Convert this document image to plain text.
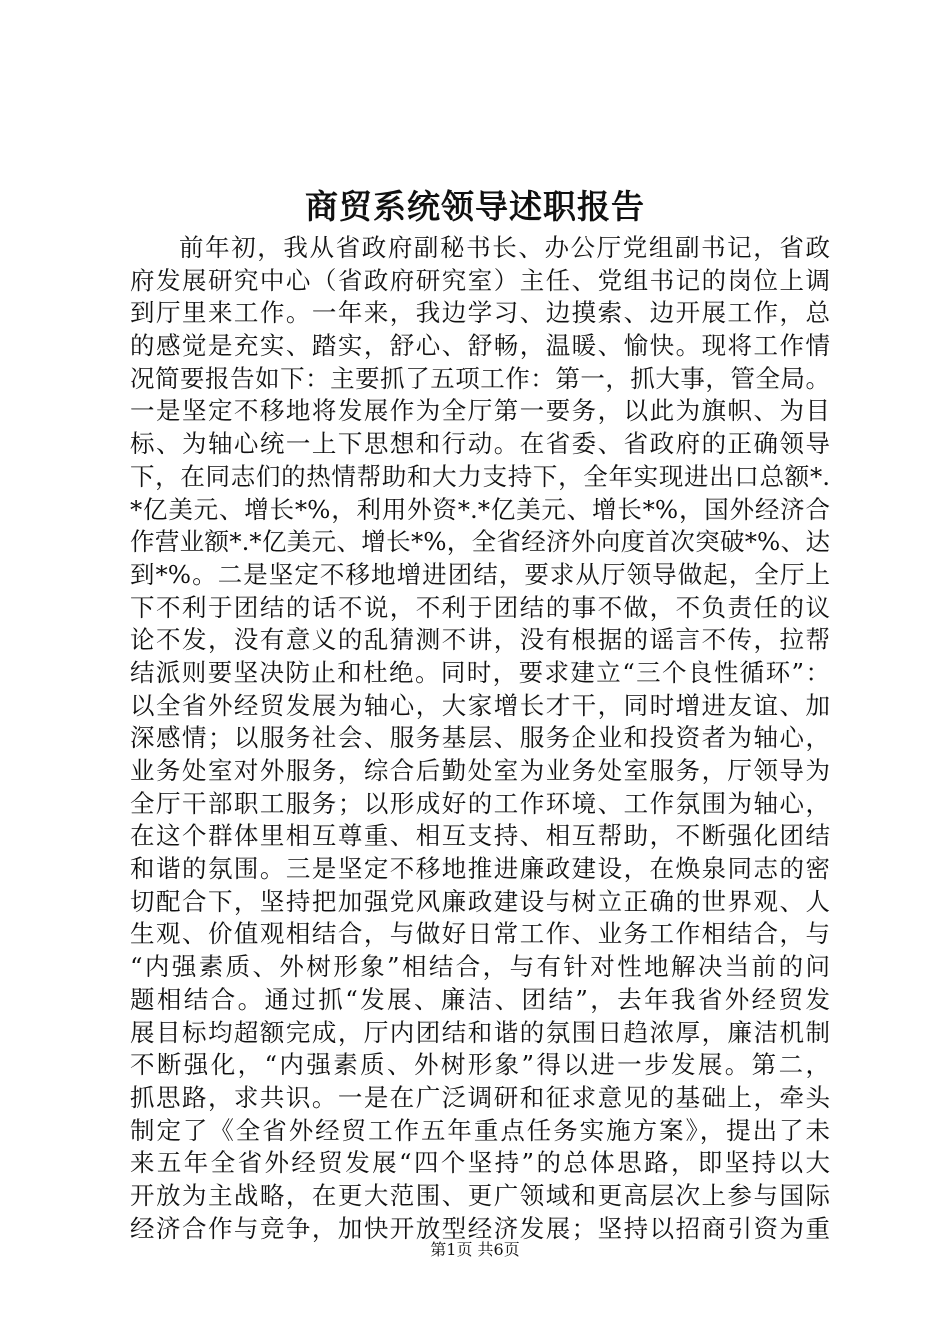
商贸系统领导述职报告
前年初，我从省政府副秘书长、办公厅党组副书记，省政
府发展研究中心（省政府研究室）主任、党组书记的岗位上调
到厅里来工作。一年来，我边学习、边摸索、边开展工作，总
的感觉是充实、踏实，舒心、舒畅，温暖、愉快。现将工作情
况简要报告如下：主要抓了五项工作：第一，抓大事，管全局。
一是坚定不移地将发展作为全厅第一要务，以此为旗帜、为目
标、为轴心统一上下思想和行动。在省委、省政府的正确领导
下，在同志们的热情帮助和大力支持下，全年实现进出口总额*.
*亿美元、增长*%，利用外资*.*亿美元、增长*%，国外经济合
作营业额*.*亿美元、增长*%，全省经济外向度首次突破*%、达
到*%。二是坚定不移地增进团结，要求从厅领导做起，全厅上
下不利于团结的话不说，不利于团结的事不做，不负责任的议
论不发，没有意义的乱猜测不讲，没有根据的谣言不传，拉帮
结派则要坚决防止和杜绝。同时，要求建立“三个良性循环”：
以全省外经贸发展为轴心，大家增长才干，同时增进友谊、加
深感情；以服务社会、服务基层、服务企业和投资者为轴心，
业务处室对外服务，综合后勤处室为业务处室服务，厅领导为
全厅干部职工服务；以形成好的工作环境、工作氛围为轴心，
在这个群体里相互尊重、相互支持、相互帮助，不断强化团结
和谐的氛围。三是坚定不移地推进廉政建设，在焕泉同志的密
切配合下，坚持把加强党风廉政建设与树立正确的世界观、人
生观、价值观相结合，与做好日常工作、业务工作相结合，与
“内强素质、外树形象”相结合，与有针对性地解决当前的问
题相结合。通过抓“发展、廉洁、团结”，去年我省外经贸发
展目标均超额完成，厅内团结和谐的氛围日趋浓厚，廉洁机制
不断强化，“内强素质、外树形象”得以进一步发展。第二，
抓思路，求共识。一是在广泛调研和征求意见的基础上，牵头
制定了《全省外经贸工作五年重点任务实施方案》，提出了未
来五年全省外经贸发展“四个坚持”的总体思路，即坚持以大
开放为主战略，在更大范围、更广领域和更高层次上参与国际
经济合作与竞争，加快开放型经济发展；坚持以招商引资为重
第1页 共6页
